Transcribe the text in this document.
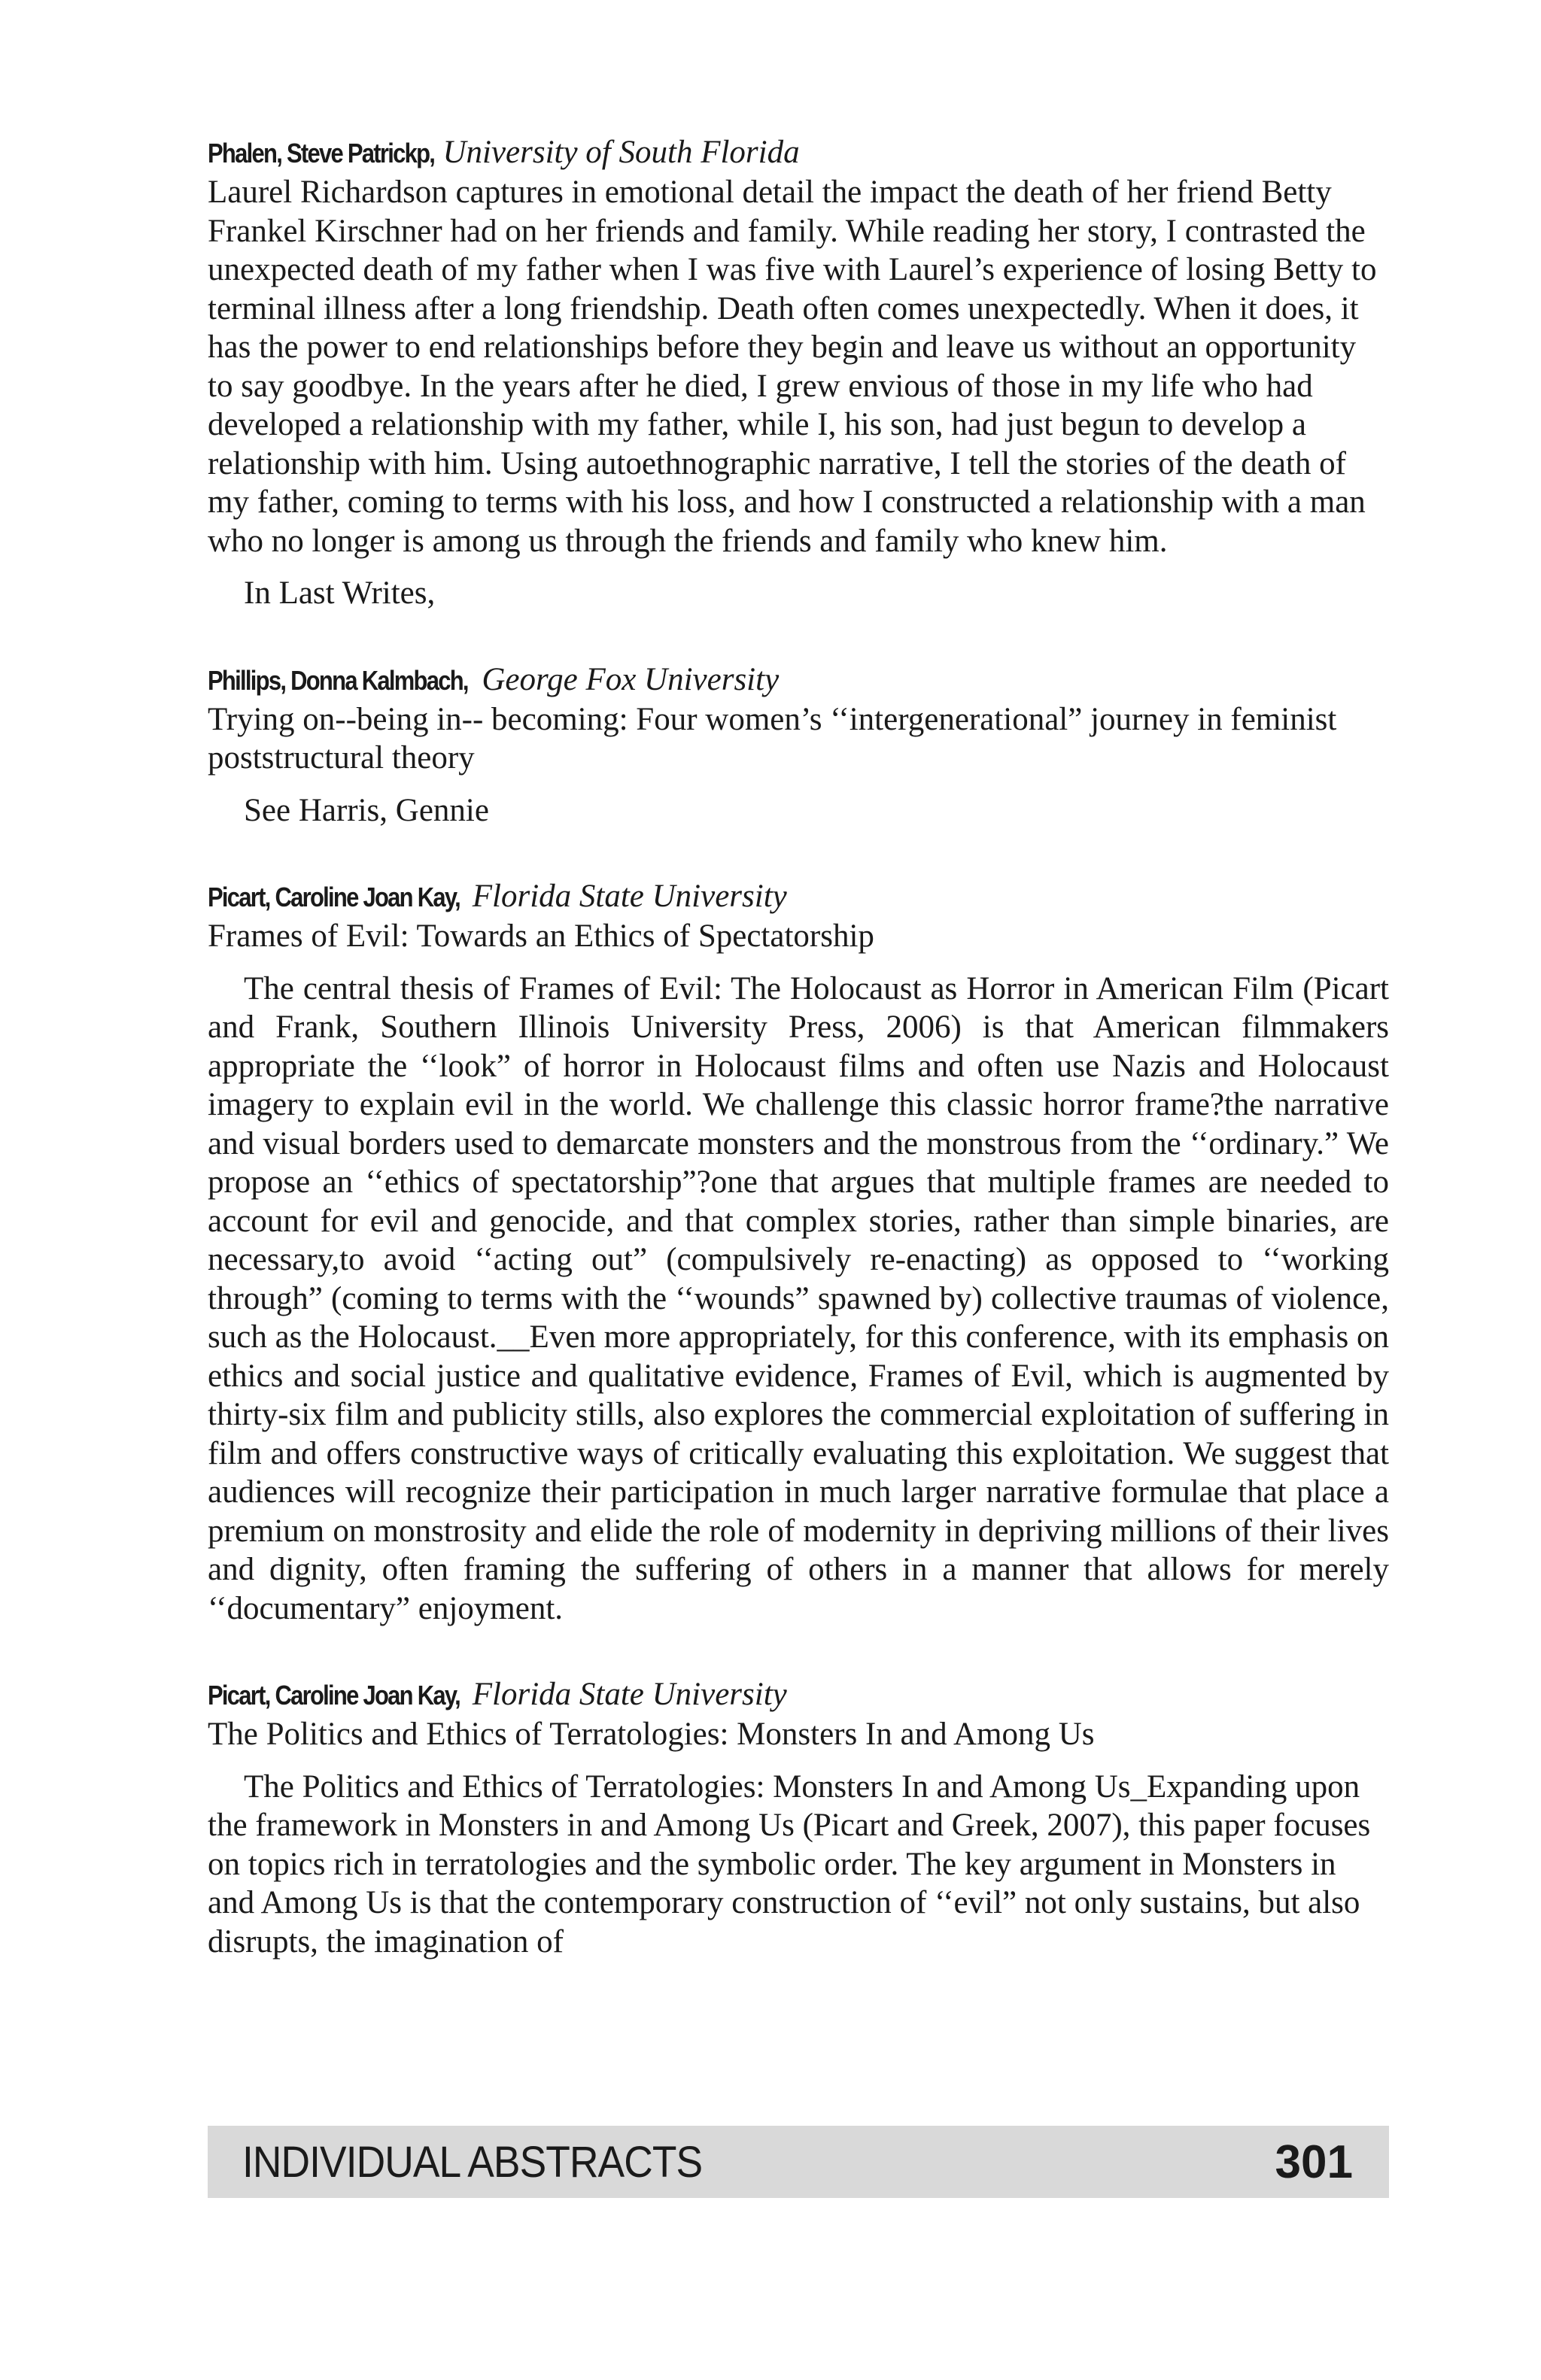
Phalen, Steve Patrickp, University of South Florida

Laurel Richardson captures in emotional detail the impact the death of her friend Betty Frankel Kirschner had on her friends and family. While reading her story, I contrasted the unexpected death of my father when I was five with Laurel’s experience of losing Betty to terminal illness after a long friendship. Death often comes unexpectedly. When it does, it has the power to end relationships before they begin and leave us without an opportunity to say goodbye. In the years after he died, I grew envious of those in my life who had developed a relationship with my father, while I, his son, had just begun to develop a relationship with him. Using autoethnographic narrative, I tell the stories of the death of my father, coming to terms with his loss, and how I constructed a relationship with a man who no longer is among us through the friends and family who knew him.

In Last Writes,

Phillips, Donna Kalmbach, George Fox University

Trying on--being in-- becoming: Four women’s ‘‘intergenerational” journey in feminist poststructural theory

See Harris, Gennie

Picart, Caroline Joan Kay, Florida State University

Frames of Evil: Towards an Ethics of Spectatorship

The central thesis of Frames of Evil: The Holocaust as Horror in American Film (Picart and Frank, Southern Illinois University Press, 2006) is that American filmmakers appropriate the ‘‘look” of horror in Holocaust films and often use Nazis and Holocaust imagery to explain evil in the world. We challenge this classic horror frame?the narrative and visual borders used to demarcate monsters and the monstrous from the ‘‘ordinary.” We propose an ‘‘ethics of spectatorship”?one that argues that multiple frames are needed to account for evil and genocide, and that complex stories, rather than simple binaries, are necessary,to avoid ‘‘acting out” (compulsively re-enacting) as opposed to ‘‘working through” (coming to terms with the ‘‘wounds” spawned by) collective traumas of violence, such as the Holocaust.__Even more appropriately, for this conference, with its emphasis on ethics and social justice and qualitative evidence, Frames of Evil, which is augmented by thirty-six film and publicity stills, also explores the commercial exploitation of suffering in film and offers constructive ways of critically evaluating this exploitation. We suggest that audiences will recognize their participation in much larger narrative formulae that place a premium on monstrosity and elide the role of modernity in depriving millions of their lives and dignity, often framing the suffering of others in a manner that allows for merely ‘‘documentary” enjoyment.

Picart, Caroline Joan Kay, Florida State University

The Politics and Ethics of Terratologies: Monsters In and Among Us

The Politics and Ethics of Terratologies: Monsters In and Among Us_Expanding upon the framework in Monsters in and Among Us (Picart and Greek, 2007), this paper focuses on topics rich in terratologies and the symbolic order. The key argument in Monsters in and Among Us is that the contemporary construction of ‘‘evil” not only sustains, but also disrupts, the imagination of

INDIVIDUAL ABSTRACTS	301
